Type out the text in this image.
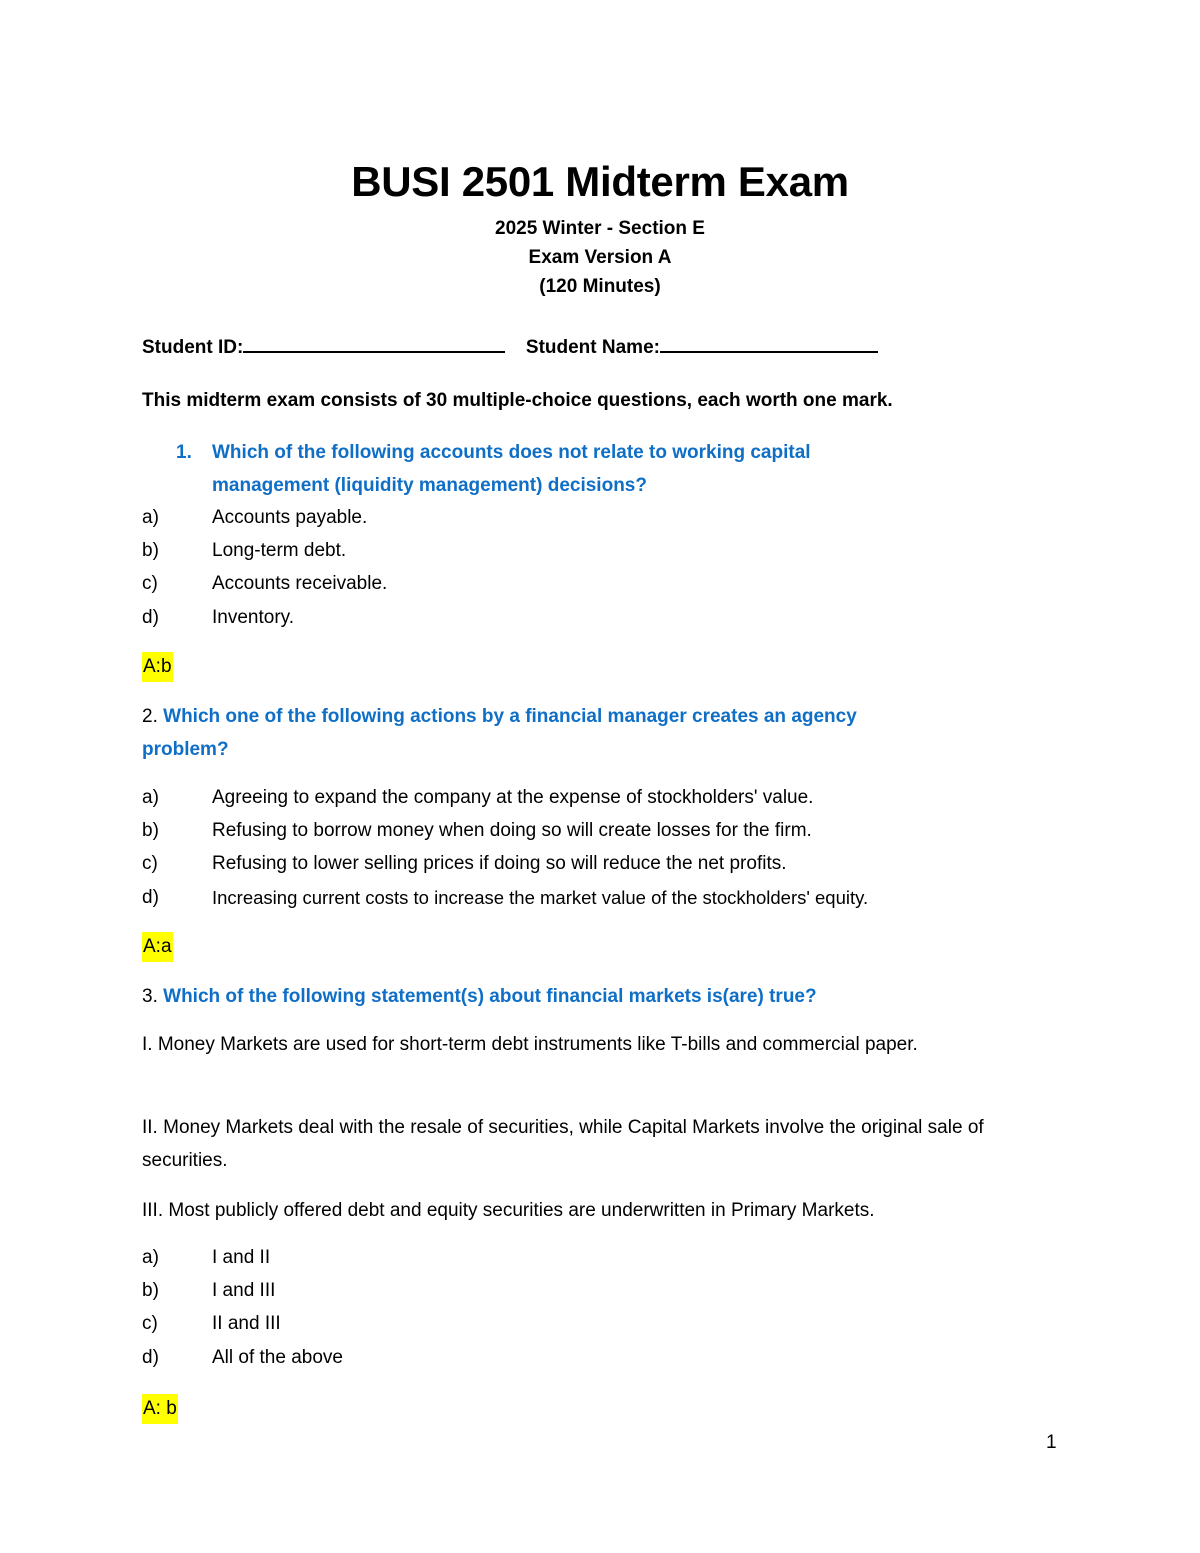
BUSI 2501 Midterm Exam
2025 Winter - Section E
Exam Version A
(120 Minutes)
Student ID:	Student Name:
This midterm exam consists of 30 multiple-choice questions, each worth one mark.
1. Which of the following accounts does not relate to working capital
management (liquidity management) decisions?
a)	Accounts payable.
b)	Long-term debt.
c)	Accounts receivable.
d)	Inventory.
A:b
2. Which one of the following actions by a financial manager creates an agency
problem?
a)	Agreeing to expand the company at the expense of stockholders' value.
b)	Refusing to borrow money when doing so will create losses for the firm.
c)	Refusing to lower selling prices if doing so will reduce the net profits.
d)	Increasing current costs to increase the market value of the stockholders' equity.
A:a
3. Which of the following statement(s) about financial markets is(are) true?
I. Money Markets are used for short-term debt instruments like T-bills and commercial paper.
II. Money Markets deal with the resale of securities, while Capital Markets involve the original sale of securities.
III. Most publicly offered debt and equity securities are underwritten in Primary Markets.
a)	I and II
b)	I and III
c)	II and III
d)	All of the above
A: b
1
